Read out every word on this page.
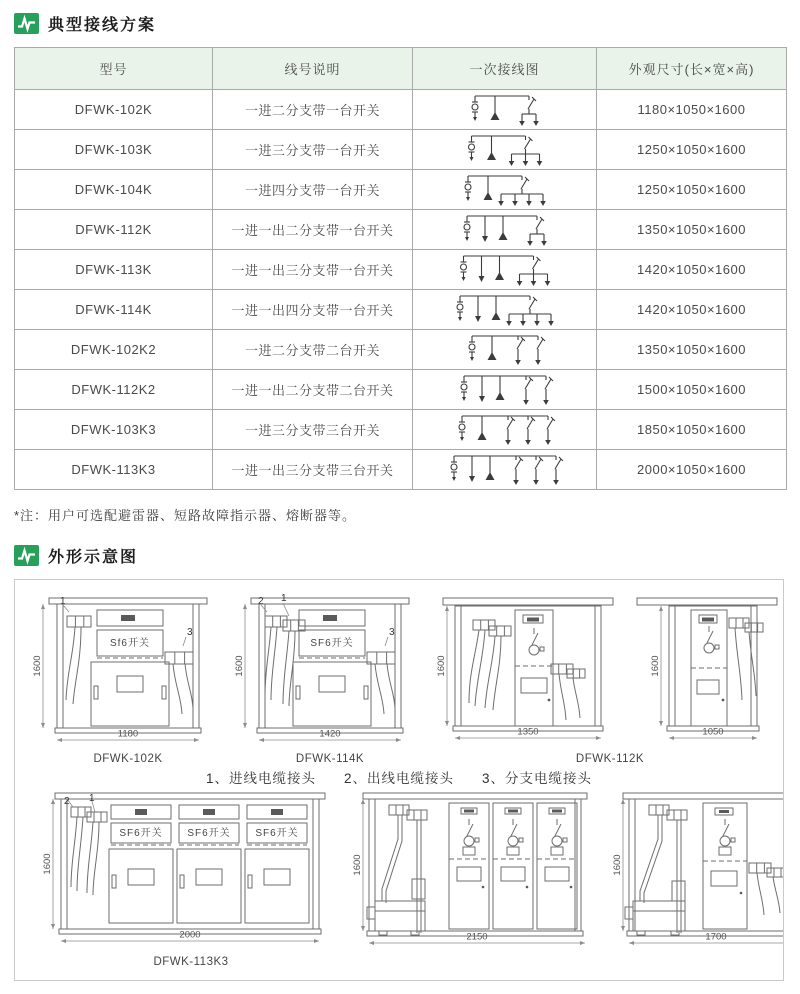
典型接线方案
型号	线号说明	一次接线图	外观尺寸(长×宽×高)
DFWK-102K	一进二分支带一台开关		1180×1050×1600
DFWK-103K	一进三分支带一台开关		1250×1050×1600
DFWK-104K	一进四分支带一台开关		1250×1050×1600
DFWK-112K	一进一出二分支带一台开关		1350×1050×1600
DFWK-113K	一进一出三分支带一台开关		1420×1050×1600
DFWK-114K	一进一出四分支带一台开关		1420×1050×1600
DFWK-102K2	一进二分支带二台开关		1350×1050×1600
DFWK-112K2	一进一出二分支带二台开关		1500×1050×1600
DFWK-103K3	一进三分支带三台开关		1850×1050×1600
DFWK-113K3	一进一出三分支带三台开关		2000×1050×1600

*注：用户可选配避雷器、短路故障指示器、熔断器等。

外形示意图
Sf6开关
1
3
1600
1180
DFWK-102K
SF6开关
2 1
3
1600
1420
DFWK-114K
1600
1350
1600
1050
DFWK-112K
1、进线电缆接头 2、出线电缆接头 3、分支电缆接头
2 1
SF6开关 SF6开关 SF6开关
1600
2000
DFWK-113K3
1600
2150
1600
1700
